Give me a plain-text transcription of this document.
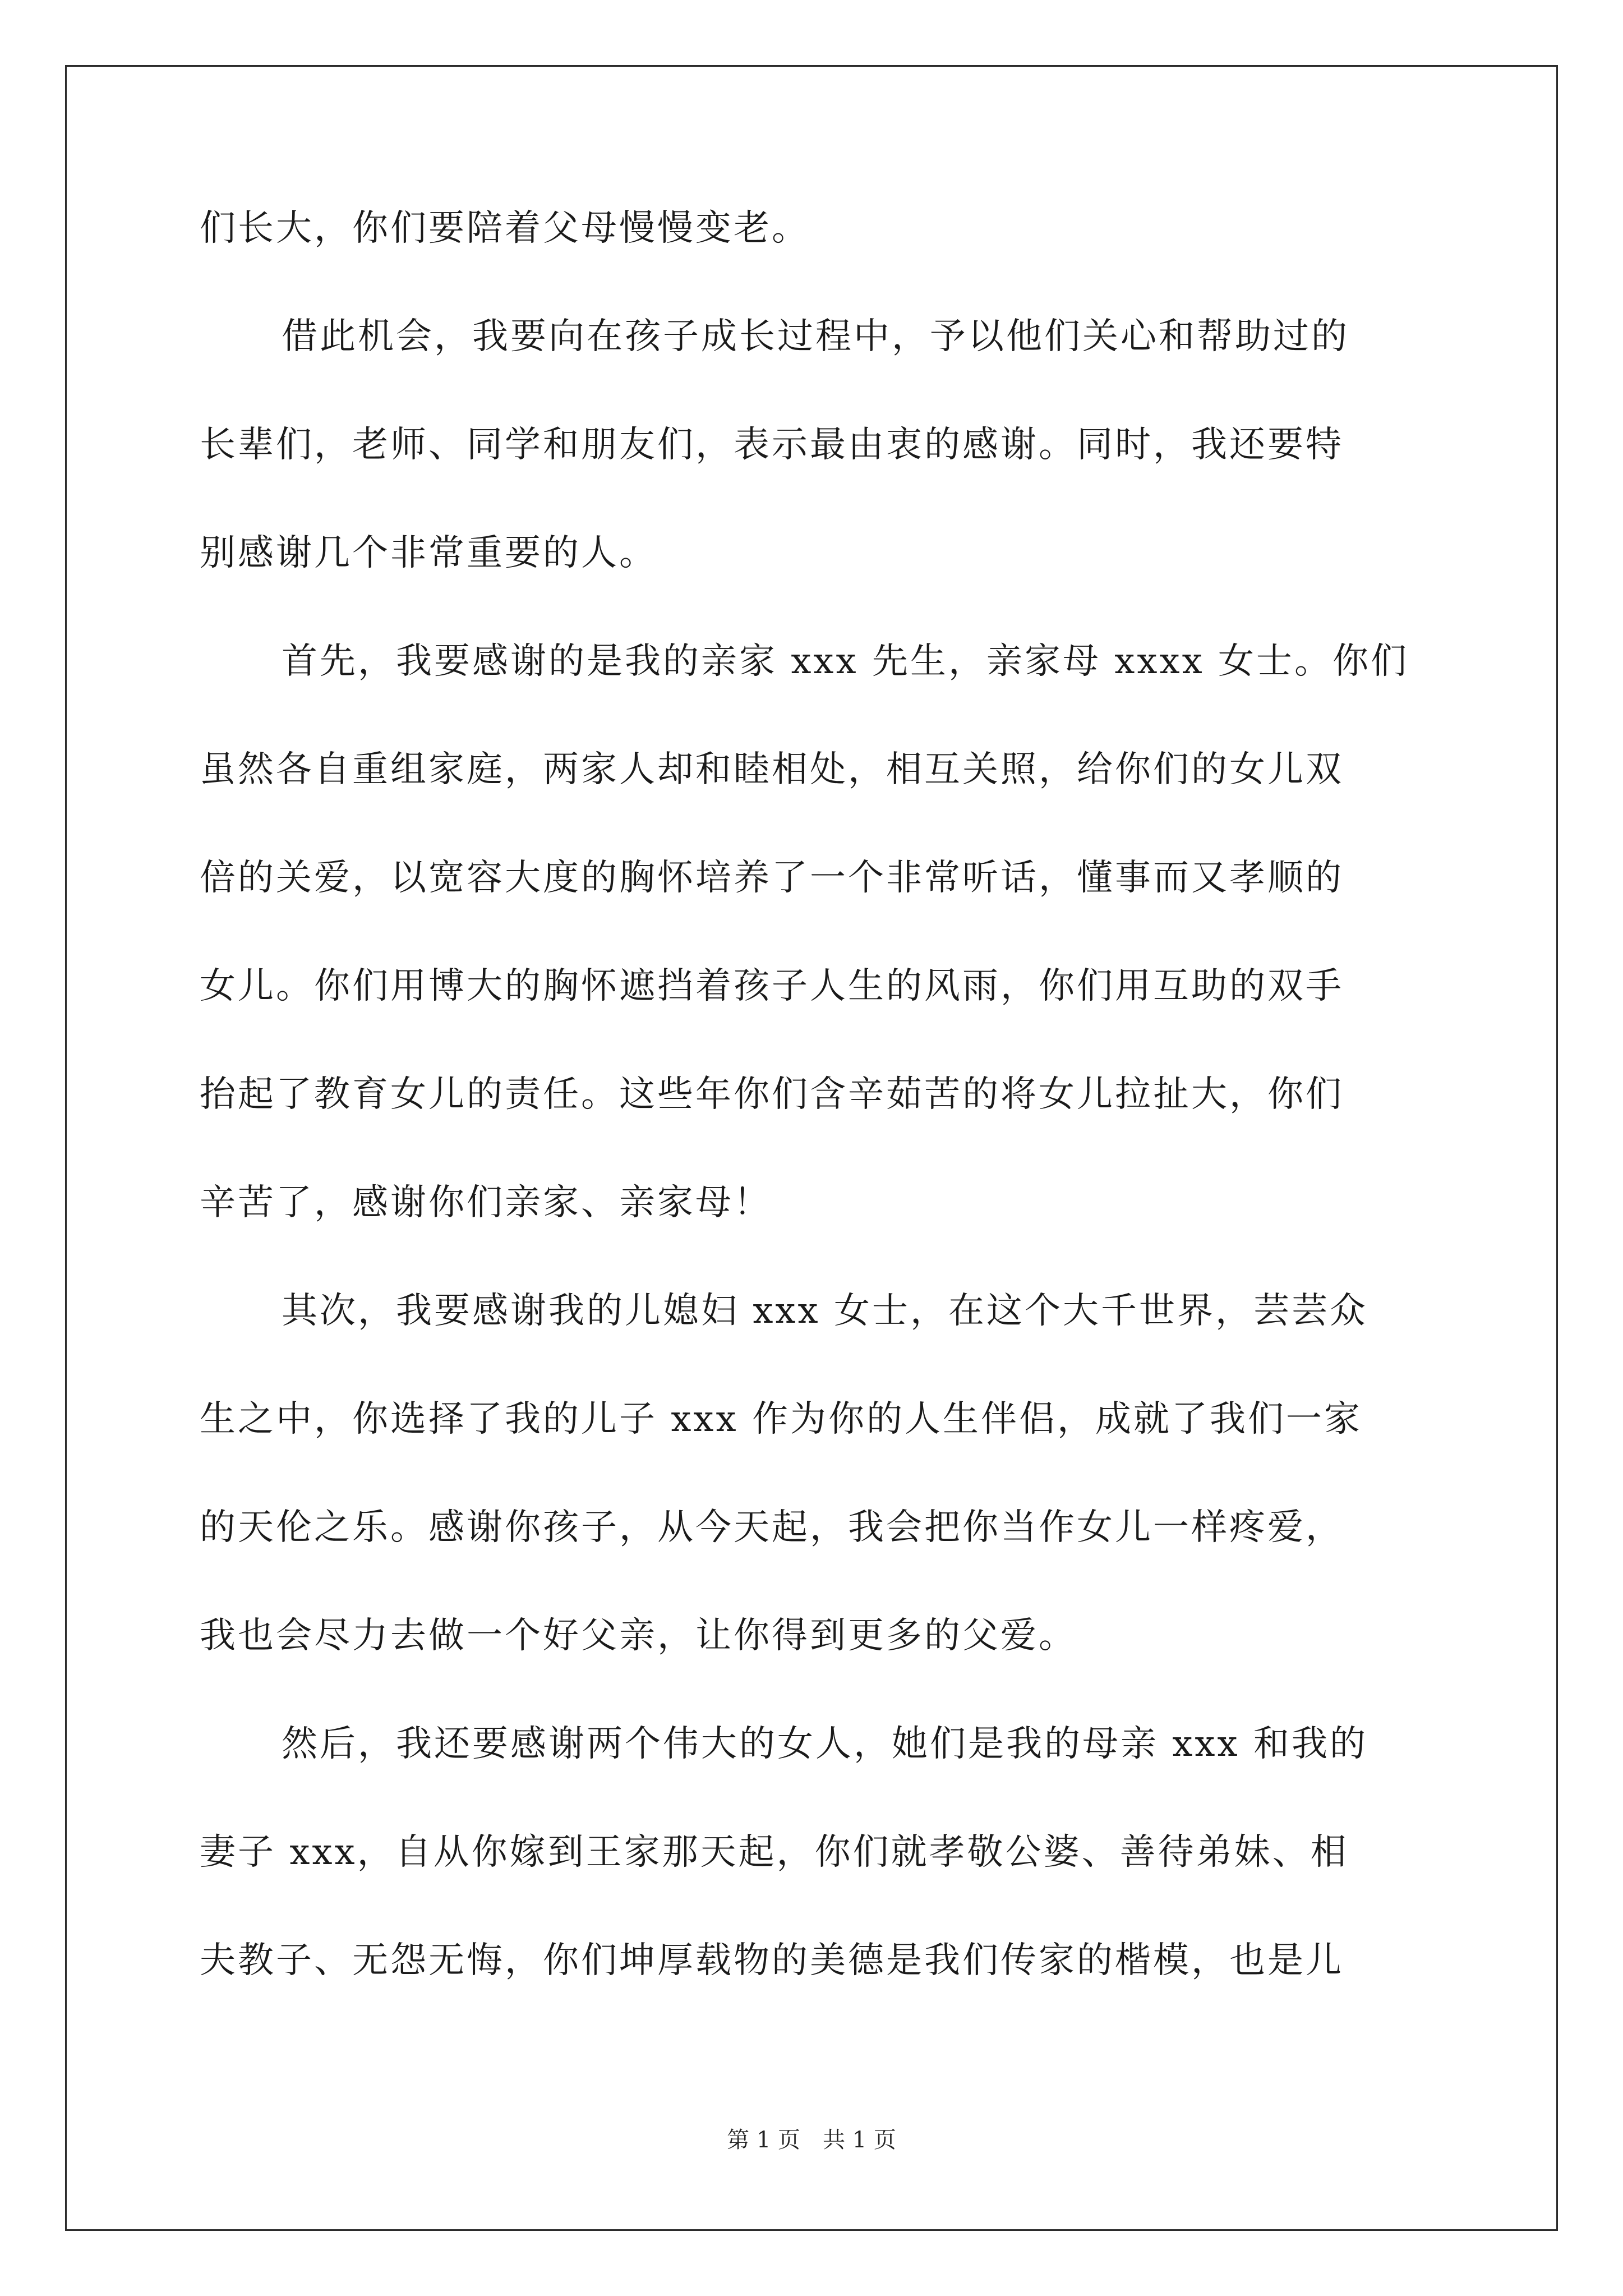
们长大，你们要陪着父母慢慢变老。
借此机会，我要向在孩子成长过程中，予以他们关心和帮助过的
长辈们，老师、同学和朋友们，表示最由衷的感谢。同时，我还要特
别感谢几个非常重要的人。
首先，我要感谢的是我的亲家 xxx 先生，亲家母 xxxx 女士。你们
虽然各自重组家庭，两家人却和睦相处，相互关照，给你们的女儿双
倍的关爱，以宽容大度的胸怀培养了一个非常听话，懂事而又孝顺的
女儿。你们用博大的胸怀遮挡着孩子人生的风雨，你们用互助的双手
抬起了教育女儿的责任。这些年你们含辛茹苦的将女儿拉扯大，你们
辛苦了，感谢你们亲家、亲家母！
其次，我要感谢我的儿媳妇 xxx 女士，在这个大千世界，芸芸众
生之中，你选择了我的儿子 xxx 作为你的人生伴侣，成就了我们一家
的天伦之乐。感谢你孩子，从今天起，我会把你当作女儿一样疼爱，
我也会尽力去做一个好父亲，让你得到更多的父爱。
然后，我还要感谢两个伟大的女人，她们是我的母亲 xxx 和我的
妻子 xxx，自从你嫁到王家那天起，你们就孝敬公婆、善待弟妹、相
夫教子、无怨无悔，你们坤厚载物的美德是我们传家的楷模，也是儿
第 1 页　共 1 页
